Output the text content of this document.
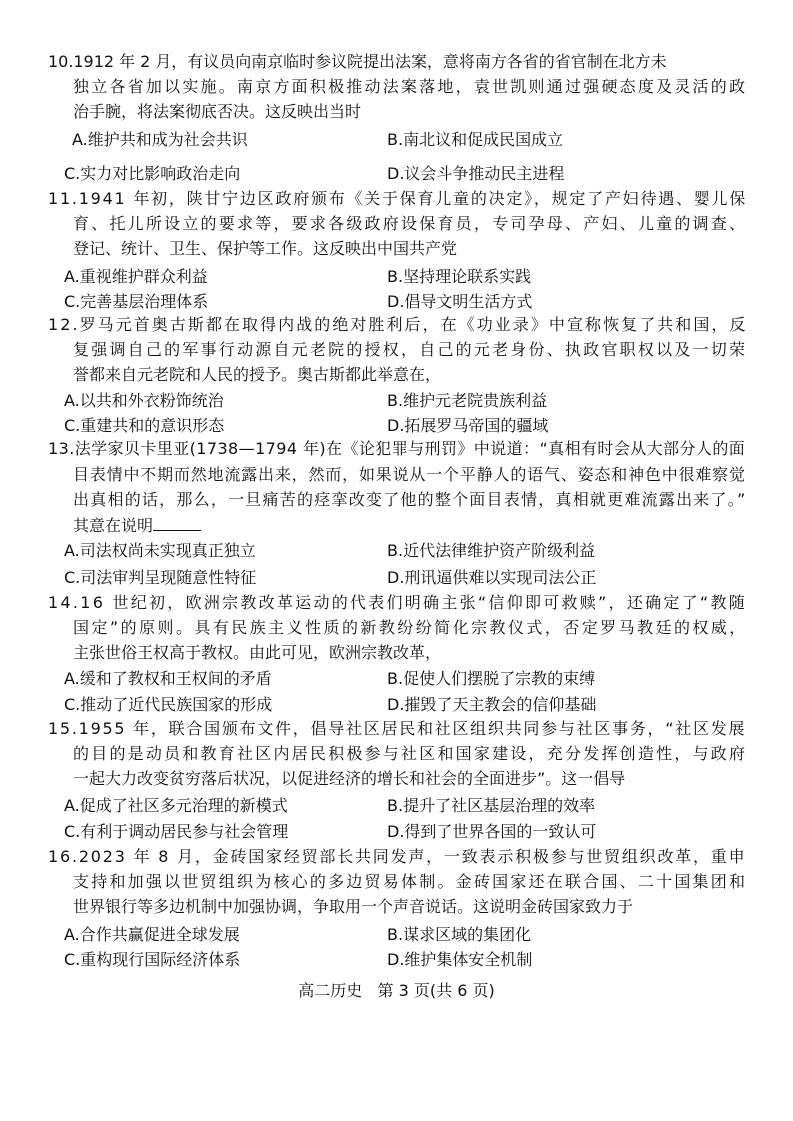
10.1912 年 2 月，有议员向南京临时参议院提出法案，意将南方各省的省官制在北方未
独立各省加以实施。南京方面积极推动法案落地，袁世凯则通过强硬态度及灵活的政
治手腕，将法案彻底否决。这反映出当时
A.维护共和成为社会共识	B.南北议和促成民国成立
C.实力对比影响政治走向	D.议会斗争推动民主进程
11.1941 年初，陕甘宁边区政府颁布《关于保育儿童的决定》，规定了产妇待遇、婴儿保
育、托儿所设立的要求等，要求各级政府设保育员，专司孕母、产妇、儿童的调查、
登记、统计、卫生、保护等工作。这反映出中国共产党
A.重视维护群众利益	B.坚持理论联系实践
C.完善基层治理体系	D.倡导文明生活方式
12.罗马元首奥古斯都在取得内战的绝对胜利后，在《功业录》中宣称恢复了共和国，反
复强调自己的军事行动源自元老院的授权，自己的元老身份、执政官职权以及一切荣
誉都来自元老院和人民的授予。奥古斯都此举意在，
A.以共和外衣粉饰统治	B.维护元老院贵族利益
C.重建共和的意识形态	D.拓展罗马帝国的疆域
13.法学家贝卡里亚(1738—1794 年)在《论犯罪与刑罚》中说道：“真相有时会从大部分人的面
目表情中不期而然地流露出来，然而，如果说从一个平静人的语气、姿态和神色中很难察觉
出真相的话，那么，一旦痛苦的痉挛改变了他的整个面目表情，真相就更难流露出来了。”
其意在说明
A.司法权尚未实现真正独立	B.近代法律维护资产阶级利益
C.司法审判呈现随意性特征	D.刑讯逼供难以实现司法公正
14.16 世纪初，欧洲宗教改革运动的代表们明确主张“信仰即可救赎”，还确定了“教随
国定”的原则。具有民族主义性质的新教纷纷简化宗教仪式，否定罗马教廷的权威，
主张世俗王权高于教权。由此可见，欧洲宗教改革，
A.缓和了教权和王权间的矛盾	B.促使人们摆脱了宗教的束缚
C.推动了近代民族国家的形成	D.摧毁了天主教会的信仰基础
15.1955 年，联合国颁布文件，倡导社区居民和社区组织共同参与社区事务，“社区发展
的目的是动员和教育社区内居民积极参与社区和国家建设，充分发挥创造性，与政府
一起大力改变贫穷落后状况，以促进经济的增长和社会的全面进步”。这一倡导
A.促成了社区多元治理的新模式	B.提升了社区基层治理的效率
C.有利于调动居民参与社会管理	D.得到了世界各国的一致认可
16.2023 年 8 月，金砖国家经贸部长共同发声，一致表示积极参与世贸组织改革，重申
支持和加强以世贸组织为核心的多边贸易体制。金砖国家还在联合国、二十国集团和
世界银行等多边机制中加强协调，争取用一个声音说话。这说明金砖国家致力于
A.合作共赢促进全球发展	B.谋求区域的集团化
C.重构现行国际经济体系	D.维护集体安全机制
高二历史   第 3 页(共 6 页)
